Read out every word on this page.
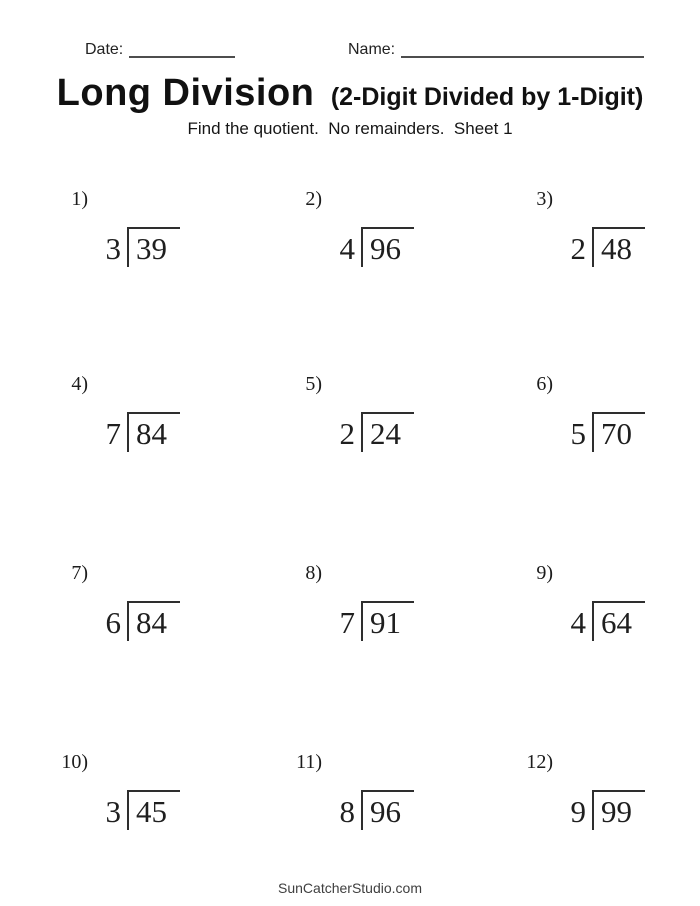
Date:	Name:
Long Division (2-Digit Divided by 1-Digit)
Find the quotient.  No remainders.  Sheet 1
1)
3 39
2)
4 96
3)
2 48
4)
7 84
5)
2 24
6)
5 70
7)
6 84
8)
7 91
9)
4 64
10)
3 45
11)
8 96
12)
9 99
SunCatcherStudio.com
